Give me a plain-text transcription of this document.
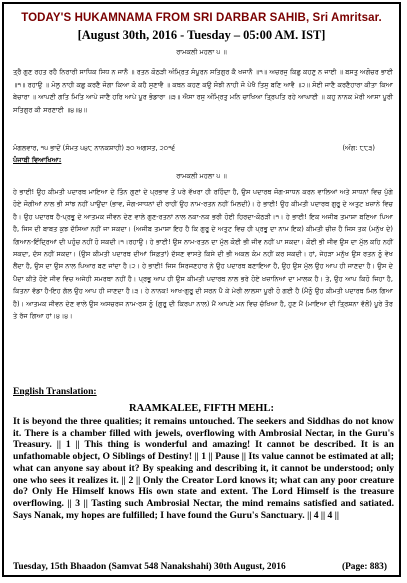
TODAY'S HUKAMNAMA FROM SRI DARBAR SAHIB, Sri Amritsar.
[August 30th, 2016 - Tuesday – 05:00 AM. IST]
ਰਾਮਕਲੀ ਮਹਲਾ ੫ ॥
ਤ੍ਰੈ ਗੁਣ ਰਹਤ ਰਹੈ ਨਿਰਾਰੀ ਸਾਧਿਕ ਸਿਧ ਨ ਜਾਨੈ ॥ ਰਤਨ ਕੋਠੜੀ ਅੰਮ੍ਰਿਤ ਸੰਪੂਰਨ ਸਤਿਗੁਰ ਕੈ ਖਜਾਨੈ ॥੧॥ ਅਚਰਜੁ ਕਿਛੁ ਕਹਣੁ ਨ ਜਾਈ ॥ ਬਸਤੁ ਅਗੋਚਰ ਭਾਈ ॥੧॥ ਰਹਾਉ ॥ ਮੋਲੁ ਨਾਹੀ ਕਛੁ ਕਰਣੈ ਜੋਗਾ ਕਿਆ ਕੋ ਕਹੈ ਸੁਣਾਵੈ ॥ ਕਥਨ ਕਹਣ ਕਉ ਸੋਝੀ ਨਾਹੀ ਜੋ ਪੇਖੈ ਤਿਸੁ ਬਣਿ ਆਵੈ ॥੨॥ ਸੋਈ ਜਾਣੈ ਕਰਣੈਹਾਰਾ ਕੀਤਾ ਕਿਆ ਬੇਚਾਰਾ ॥ ਆਪਣੀ ਗਤਿ ਮਿਤਿ ਆਪੇ ਜਾਣੈ ਹਰਿ ਆਪੇ ਪੂਰ ਭੰਡਾਰਾ ॥੩॥ ਐਸਾ ਰਸੁ ਅੰਮ੍ਰਿਤੁ ਮਨਿ ਚਾਖਿਆ ਤ੍ਰਿਪਤਿ ਰਹੇ ਆਘਾਈ ॥ ਕਹੁ ਨਾਨਕ ਮੇਰੀ ਆਸਾ ਪੂਰੀ ਸਤਿਗੁਰ ਕੀ ਸਰਣਾਈ ॥੪॥੪॥
ਮੰਗਲਵਾਰ, ੧੫ ਭਾਦੋਂ (ਸੰਮਤ ੫੪੮ ਨਾਨਕਸ਼ਾਹੀ) ੩੦ ਅਗਸਤ, ੨੦੧੬	(ਅੰਗ: ੮੮੩)
ਪੰਜਾਬੀ ਵਿਆਖਿਆ:
ਰਾਮਕਲੀ ਮਹਲਾ ੫ ॥
ਹੇ ਭਾਈ! ਉਹ ਕੀਮਤੀ ਪਦਾਰਥ ਮਾਇਆ ਦੇ ਤਿੰਨ ਗੁਣਾਂ ਦੇ ਪ੍ਰਭਾਵ ਤੋਂ ਪਰੇ ਵੱਖਰਾ ਹੀ ਰਹਿੰਦਾ ਹੈ, ਉਸ ਪਦਾਰਥ ਜੋਗ-ਸਾਧਨ ਕਰਨ ਵਾਲਿਆਂ ਅਤੇ ਸਾਧਨਾਂ ਵਿਚ ਪੁੱਗੇ ਹੋਏ ਜੋਗੀਆਂ ਨਾਲ ਭੀ ਸਾਂਝ ਨਹੀਂ ਪਾਉਂਦਾ (ਭਾਵ, ਜੋਗ-ਸਾਧਨਾਂ ਦੀ ਰਾਹੀਂ ਉਹ ਨਾਮ-ਰਤਨ ਨਹੀਂ ਮਿਲਦੀ)। ਹੇ ਭਾਈ! ਉਹ ਕੀਮਤੀ ਪਦਾਰਥ ਗੁਰੂ ਦੇ ਅਤੁਟ ਖ਼ਜ਼ਾਨੇ ਵਿਚ ਹੈ। ਉਹ ਪਦਾਰਥ ਹੈ-ਪ੍ਰਭੂ ਦੇ ਆਤਮਕ ਜੀਵਨ ਦੇਣ ਵਾਲੇ ਗੁਣ-ਰਤਨਾਂ ਨਾਲ ਨਕਾ-ਨਕ ਭਰੀ ਹੋਈ ਹਿਰਦਾ-ਕੋਠੜੀ।੧। ਹੇ ਭਾਈ! ਇਕ ਅਜੀਬ ਤਮਾਸ਼ਾ ਬਣਿਆ ਪਿਆ ਹੈ, ਜਿਸ ਦੀ ਬਾਬਤ ਕੁਝ ਦੱਸਿਆ ਨਹੀਂ ਜਾ ਸਕਦਾ। (ਅਜੀਬ ਤਮਾਸ਼ਾ ਇਹ ਹੈ ਕਿ ਗੁਰੂ ਦੇ ਅਤੁਟ ਵਿਚ ਹੀ ਪ੍ਰਭੂ ਦਾ ਨਾਮ ਇਕ) ਕੀਮਤੀ ਚੀਜ਼ ਹੈ ਜਿਸ ਤਕ (ਮਨੁੱਖ ਦੇ) ਗਿਆਨ-ਇੰਦ੍ਰਿਆਂ ਦੀ ਪਹੁੰਚ ਨਹੀਂ ਹੋ ਸਕਦੀ।੧।ਰਹਾਉ। ਹੇ ਭਾਈ! ਉਸ ਨਾਮ-ਰਤਨ ਦਾ ਮੁੱਲ ਕੋਈ ਭੀ ਜੀਵ ਨਹੀਂ ਪਾ ਸਕਦਾ। ਕੋਈ ਭੀ ਜੀਵ ਉਸ ਦਾ ਮੁੱਲ ਕਹਿ ਨਹੀਂ ਸਕਦਾ, ਦੱਸ ਨਹੀਂ ਸਕਦਾ। (ਉਸ ਕੀਮਤੀ ਪਦਾਰਥ ਦੀਆਂ ਸਿਫ਼ਤਾਂ) ਦੱਸਣ ਵਾਸਤੇ ਕਿਸੇ ਦੀ ਭੀ ਅਕਲ ਕੰਮ ਨਹੀਂ ਕਰ ਸਕਦੀ। ਹਾਂ, ਜੇਹੜਾ ਮਨੁੱਖ ਉਸ ਰਤਨ ਨੂੰ ਵੇਖ ਲੈਂਦਾ ਹੈ, ਉਸ ਦਾ ਉਸ ਨਾਲ ਪਿਆਰ ਬਣ ਜਾਂਦਾ ਹੈ।੨। ਹੇ ਭਾਈ! ਜਿਸ ਸਿਰਜਣਹਾਰ ਨੇ ਉਹ ਪਦਾਰਥ ਬਣਾਇਆ ਹੈ, ਉਹ ਉਸ ਮੁੱਲ ਉਹ ਆਪ ਹੀ ਜਾਣਦਾ ਹੈ। ਉਸ ਦੇ ਪੈਦਾ ਕੀਤੇ ਹੋਏ ਜੀਵ ਵਿਚ ਅਜੇਹੀ ਸਮਰਥਾ ਨਹੀਂ ਹੈ। ਪ੍ਰਭੂ ਆਪ ਹੀ ਉਸ ਕੀਮਤੀ ਪਦਾਰਥ ਨਾਲ ਭਰੇ ਹੋਏ ਖ਼ਜ਼ਾਨਿਆਂ ਦਾ ਮਾਲਕ ਹੈ। ਤੇ, ਉਹ ਆਪ ਕਿਹੋ ਜਿਹਾ ਹੈ, ਕਿਤਨਾ ਵੱਡਾ ਹੈ-ਇਹ ਗੱਲ ਉਹ ਆਪ ਹੀ ਜਾਣਦਾ ਹੈ।੩। ਹੇ ਨਾਨਕ! ਆਖ-ਗੁਰੂ ਦੀ ਸਰਨ ਪੈ ਕੇ ਮੇਰੀ ਲਾਲਸਾ ਪੂਰੀ ਹੋ ਗਈ ਹੈ (ਮੈਨੂੰ ਉਹ ਕੀਮਤੀ ਪਦਾਰਥ ਮਿਲ ਗਿਆ ਹੈ)। ਆਤਮਕ ਜੀਵਨ ਦੇਣ ਵਾਲੇ ਉਸ ਅਸਚਰਜ ਨਾਮ-ਰਸ ਨੂੰ (ਗੁਰੂ ਦੀ ਕਿਰਪਾ ਨਾਲ) ਮੈਂ ਆਪਣੇ ਮਨ ਵਿਚ ਚੱਖਿਆ ਹੈ, ਹੁਣ ਮੈਂ (ਮਾਇਆ ਦੀ ਤ੍ਰਿਸ਼ਨਾ ਵੱਲੋਂ) ਪੂਰੇ ਤੌਰ ਤੇ ਰੱਜ ਗਿਆ ਹਾਂ।੪।੪।
English Translation:
RAAMKALEE, FIFTH MEHL:
It is beyond the three qualities; it remains untouched. The seekers and Siddhas do not know it. There is a chamber filled with jewels, overflowing with Ambrosial Nectar, in the Guru's Treasury. || 1 || This thing is wonderful and amazing! It cannot be described. It is an unfathomable object, O Siblings of Destiny! || 1 || Pause || Its value cannot be estimated at all; what can anyone say about it? By speaking and describing it, it cannot be understood; only one who sees it realizes it. || 2 || Only the Creator Lord knows it; what can any poor creature do? Only He Himself knows His own state and extent. The Lord Himself is the treasure overflowing. || 3 || Tasting such Ambrosial Nectar, the mind remains satisfied and satiated. Says Nanak, my hopes are fulfilled; I have found the Guru's Sanctuary. || 4 || 4 ||
Tuesday, 15th Bhaadon (Samvat 548 Nanakshahi) 30th August, 2016	(Page: 883)
